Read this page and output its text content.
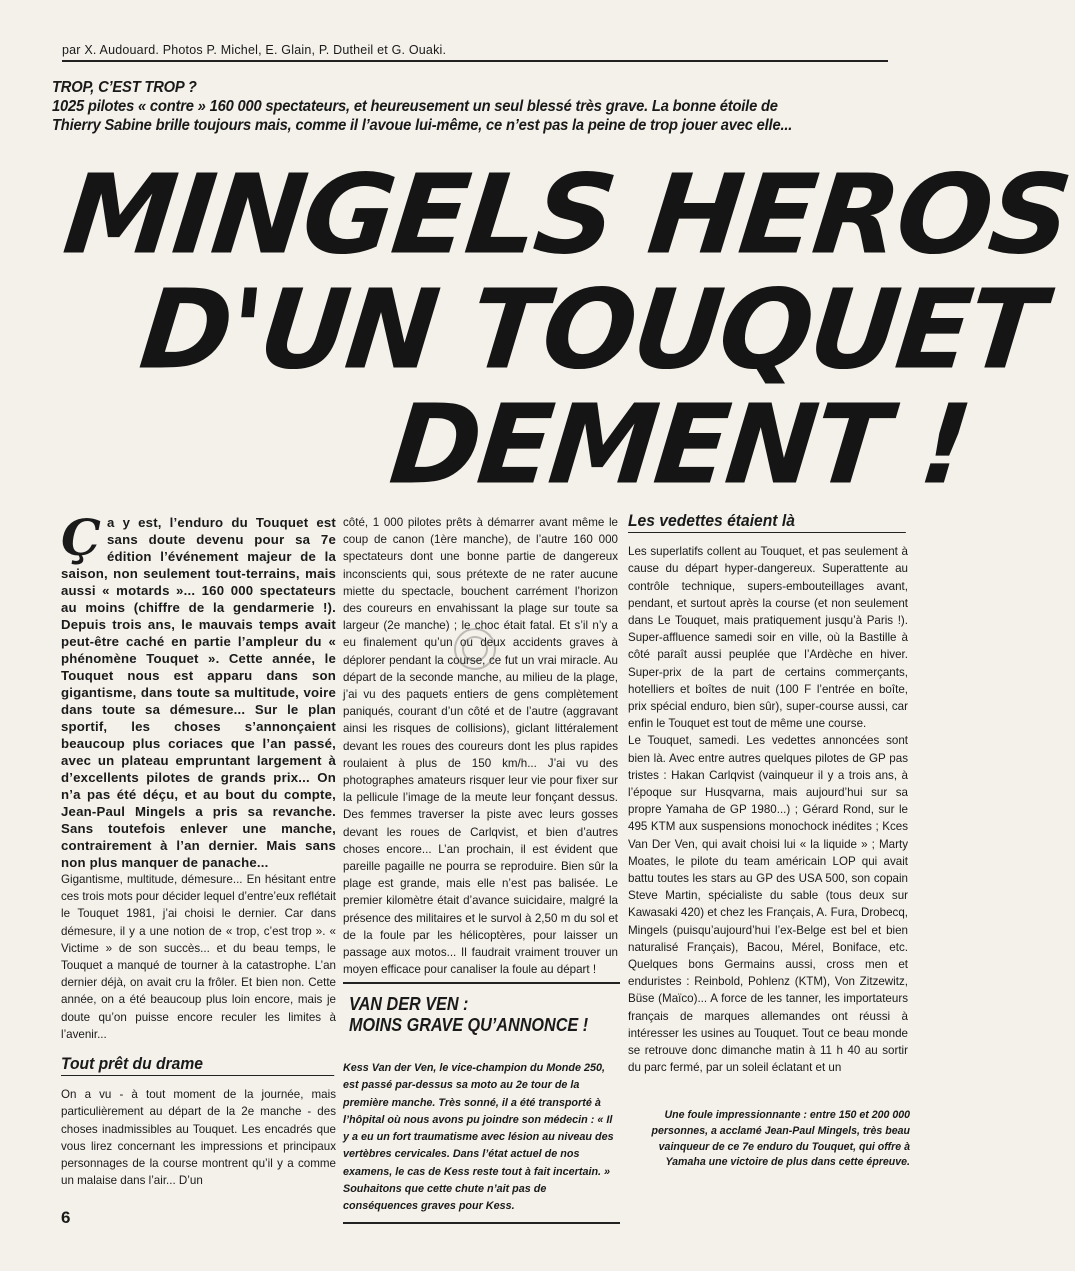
par X. Audouard. Photos P. Michel, E. Glain, P. Dutheil et G. Ouaki.
TROP, C’EST TROP ?
1025 pilotes « contre » 160 000 spectateurs, et heureusement un seul blessé très grave. La bonne étoile de Thierry Sabine brille toujours mais, comme il l’avoue lui-même, ce n’est pas la peine de trop jouer avec elle...
MINGELS HEROS
D'UN TOUQUET
DEMENT !
Ça y est, l’enduro du Touquet est sans doute devenu pour sa 7e édition l’événement majeur de la saison, non seulement tout-terrains, mais aussi « motards »... 160 000 spectateurs au moins (chiffre de la gendarmerie !). Depuis trois ans, le mauvais temps avait peut-être caché en partie l’ampleur du « phénomène Touquet ». Cette année, le Touquet nous est apparu dans son gigantisme, dans toute sa multitude, voire dans toute sa démesure... Sur le plan sportif, les choses s’annonçaient beaucoup plus coriaces que l’an passé, avec un plateau empruntant largement à d’excellents pilotes de grands prix... On n’a pas été déçu, et au bout du compte, Jean-Paul Mingels a pris sa revanche. Sans toutefois enlever une manche, contrairement à l’an dernier. Mais sans non plus manquer de panache...

Gigantisme, multitude, démesure... En hésitant entre ces trois mots pour décider lequel d’entre’eux reflétait le Touquet 1981, j’ai choisi le dernier. Car dans démesure, il y a une notion de « trop, c’est trop ». « Victime » de son succès... et du beau temps, le Touquet a manqué de tourner à la catastrophe. L’an dernier déjà, on avait cru la frôler. Et bien non. Cette année, on a été beaucoup plus loin encore, mais je doute qu’on puisse encore reculer les limites à l’avenir...

Tout prêt du drame

On a vu - à tout moment de la journée, mais particulièrement au départ de la 2e manche - des choses inadmissibles au Touquet. Les encadrés que vous lirez concernant les impressions et principaux personnages de la course montrent qu’il y a comme un malaise dans l’air... D’un

côté, 1 000 pilotes prêts à démarrer avant même le coup de canon (1ère manche), de l’autre 160 000 spectateurs dont une bonne partie de dangereux inconscients qui, sous prétexte de ne rater aucune miette du spectacle, bouchent carrément l’horizon des coureurs en envahissant la plage sur toute sa largeur (2e manche) ; le choc était fatal. Et s’il n’y a eu finalement qu’un ou deux accidents graves à déplorer pendant la course, ce fut un vrai miracle. Au départ de la seconde manche, au milieu de la plage, j’ai vu des paquets entiers de gens complètement paniqués, courant d’un côté et de l’autre (aggravant ainsi les risques de collisions), giclant littéralement devant les roues des coureurs dont les plus rapides roulaient à plus de 150 km/h... J’ai vu des photographes amateurs risquer leur vie pour fixer sur la pellicule l’image de la meute leur fonçant dessus. Des femmes traverser la piste avec leurs gosses devant les roues de Carlqvist, et bien d’autres choses encore... L’an prochain, il est évident que pareille pagaille ne pourra se reproduire. Bien sûr la plage est grande, mais elle n’est pas balisée. Le premier kilomètre était d’avance suicidaire, malgré la présence des militaires et le survol à 2,50 m du sol et de la foule par les hélicoptères, pour laisser un passage aux motos... Il faudrait vraiment trouver un moyen efficace pour canaliser la foule au départ !

VAN DER VEN :
MOINS GRAVE QU’ANNONCE !

Kess Van der Ven, le vice-champion du Monde 250, est passé par-dessus sa moto au 2e tour de la première manche. Très sonné, il a été transporté à l’hôpital où nous avons pu joindre son médecin : « Il y a eu un fort traumatisme avec lésion au niveau des vertèbres cervicales. Dans l’état actuel de nos examens, le cas de Kess reste tout à fait incertain. » Souhaitons que cette chute n’ait pas de conséquences graves pour Kess.

Les vedettes étaient là

Les superlatifs collent au Touquet, et pas seulement à cause du départ hyper-dangereux. Superattente au contrôle technique, supers-embouteillages avant, pendant, et surtout après la course (et non seulement dans Le Touquet, mais pratiquement jusqu’à Paris !). Super-affluence samedi soir en ville, où la Bastille à côté paraît aussi peuplée que l’Ardèche en hiver. Super-prix de la part de certains commerçants, hotelliers et boîtes de nuit (100 F l’entrée en boîte, prix spécial enduro, bien sûr), super-course aussi, car enfin le Touquet est tout de même une course.

Le Touquet, samedi. Les vedettes annoncées sont bien là. Avec entre autres quelques pilotes de GP pas tristes : Hakan Carlqvist (vainqueur il y a trois ans, à l’époque sur Husqvarna, mais aujourd’hui sur sa propre Yamaha de GP 1980...) ; Gérard Rond, sur le 495 KTM aux suspensions monochock inédites ; Kces Van Der Ven, qui avait choisi lui « la liquide » ; Marty Moates, le pilote du team américain LOP qui avait battu toutes les stars au GP des USA 500, son copain Steve Martin, spécialiste du sable (tous deux sur Kawasaki 420) et chez les Français, A. Fura, Drobecq, Mingels (puisqu’aujourd’hui l’ex-Belge est bel et bien naturalisé Français), Bacou, Mérel, Boniface, etc. Quelques bons Germains aussi, cross men et enduristes : Reinbold, Pohlenz (KTM), Von Zitzewitz, Büse (Maïco)... A force de les tanner, les importateurs français de marques allemandes ont réussi à intéresser les usines au Touquet. Tout ce beau monde se retrouve donc dimanche matin à 11 h 40 au sortir du parc fermé, par un soleil éclatant et un

Une foule impressionnante : entre 150 et 200 000 personnes, a acclamé Jean-Paul Mingels, très beau vainqueur de ce 7e enduro du Touquet, qui offre à Yamaha une victoire de plus dans cette épreuve.
6
